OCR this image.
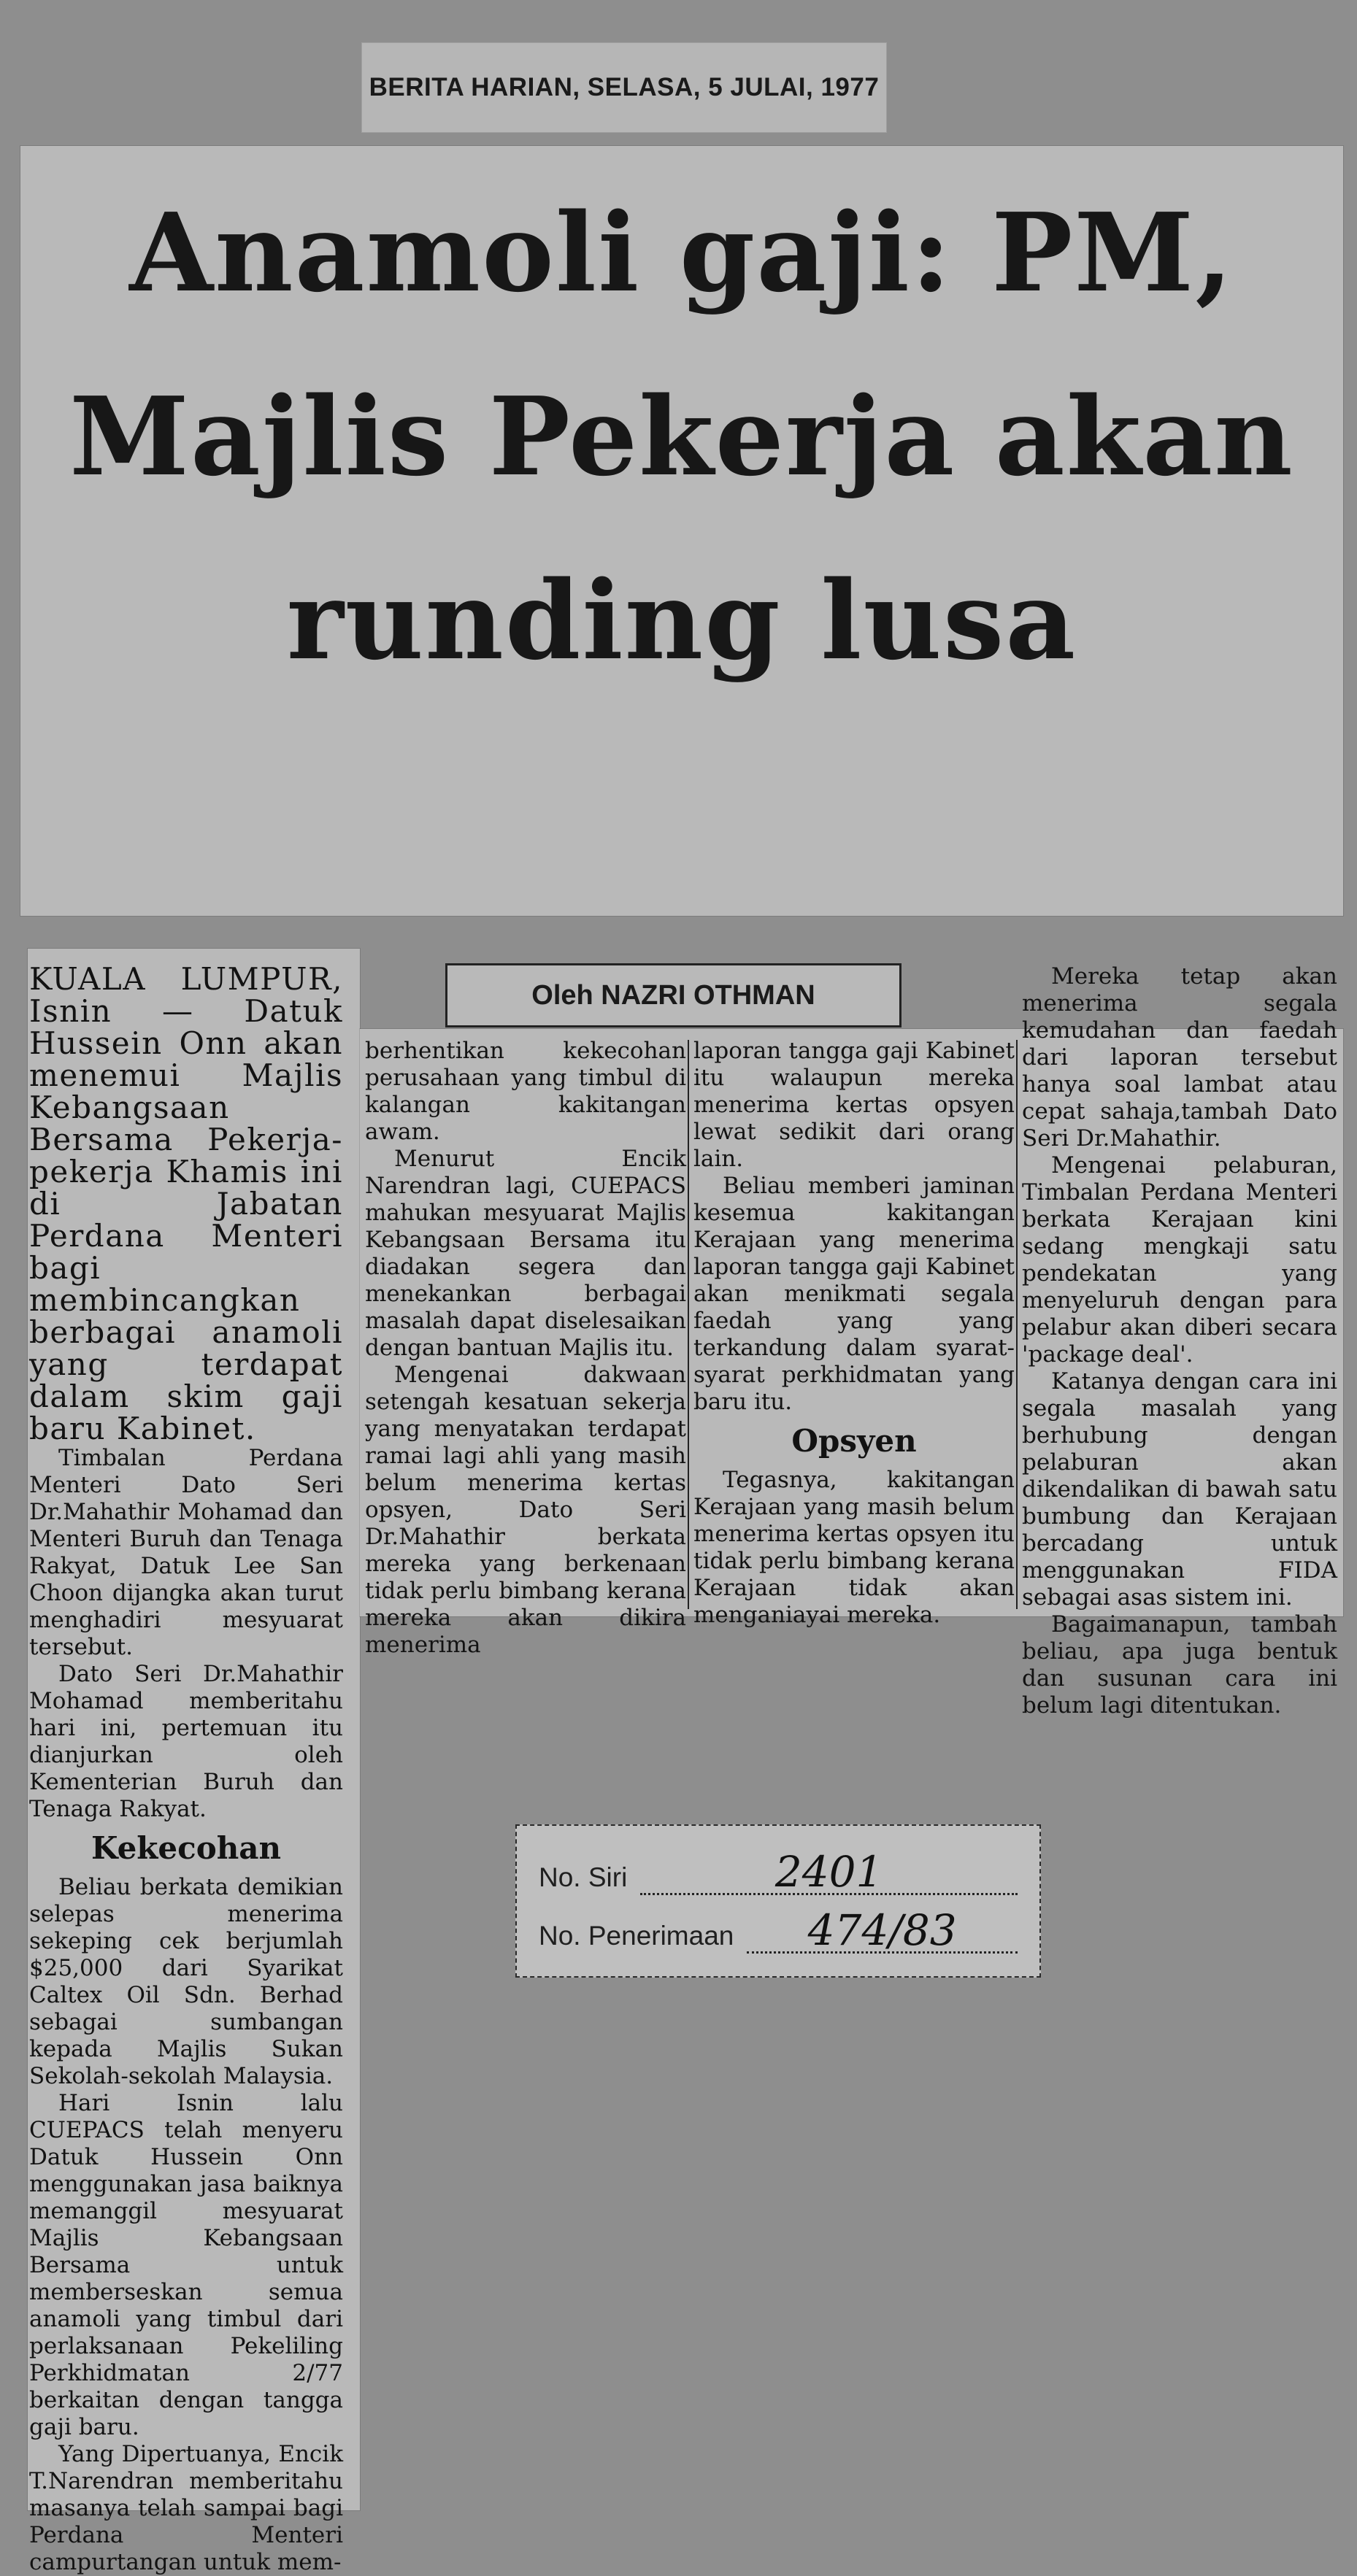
BERITA HARIAN, SELASA, 5 JULAI, 1977
Anamoli gaji: PM, Majlis Pekerja akan runding lusa
Oleh NAZRI OTHMAN

KUALA LUMPUR, Isnin — Datuk Hussein Onn akan menemui Majlis Kebangsaan Bersama Pekerja-pekerja Khamis ini di Jabatan Perdana Menteri bagi membincangkan berbagai anamoli yang terdapat dalam skim gaji baru Kabinet.

Timbalan Perdana Menteri Dato Seri Dr.Mahathir Mohamad dan Menteri Buruh dan Tenaga Rakyat, Datuk Lee San Choon dijangka akan turut menghadiri mesyuarat tersebut.

Dato Seri Dr.Mahathir Mohamad memberitahu hari ini, pertemuan itu dianjurkan oleh Kementerian Buruh dan Tenaga Rakyat.

Kekecohan

Beliau berkata demikian selepas menerima sekeping cek berjumlah $25,000 dari Syarikat Caltex Oil Sdn. Berhad sebagai sumbangan kepada Majlis Sukan Sekolah-sekolah Malaysia.

Hari Isnin lalu CUEPACS telah menyeru Datuk Hussein Onn menggunakan jasa baiknya memanggil mesyuarat Majlis Kebangsaan Bersama untuk memberseskan semua anamoli yang timbul dari perlaksanaan Pekeliling Perkhidmatan 2/77 berkaitan dengan tangga gaji baru.

Yang Dipertuanya, Encik T.Narendran memberitahu masanya telah sampai bagi Perdana Menteri campurtangan untuk mem-

berhentikan kekecohan perusahaan yang timbul di kalangan kakitangan awam.

Menurut Encik Narendran lagi, CUEPACS mahukan mesyuarat Majlis Kebangsaan Bersama itu diadakan segera dan menekankan berbagai masalah dapat diselesaikan dengan bantuan Majlis itu.

Mengenai dakwaan setengah kesatuan sekerja yang menyatakan terdapat ramai lagi ahli yang masih belum menerima kertas opsyen, Dato Seri Dr.Mahathir berkata mereka yang berkenaan tidak perlu bimbang kerana mereka akan dikira menerima

laporan tangga gaji Kabinet itu walaupun mereka menerima kertas opsyen lewat sedikit dari orang lain.

Beliau memberi jaminan kesemua kakitangan Kerajaan yang menerima laporan tangga gaji Kabinet akan menikmati segala faedah yang yang terkandung dalam syarat-syarat perkhidmatan yang baru itu.

Opsyen

Tegasnya, kakitangan Kerajaan yang masih belum menerima kertas opsyen itu tidak perlu bimbang kerana Kerajaan tidak akan menganiayai mereka.

Mereka tetap akan menerima segala kemudahan dan faedah dari laporan tersebut hanya soal lambat atau cepat sahaja,tambah Dato Seri Dr.Mahathir.

Mengenai pelaburan, Timbalan Perdana Menteri berkata Kerajaan kini sedang mengkaji satu pendekatan yang menyeluruh dengan para pelabur akan diberi secara 'package deal'.

Katanya dengan cara ini segala masalah yang berhubung dengan pelaburan akan dikendalikan di bawah satu bumbung dan Kerajaan bercadang untuk menggunakan FIDA sebagai asas sistem ini.

Bagaimanapun, tambah beliau, apa juga bentuk dan susunan cara ini belum lagi ditentukan.

No. Siri	2401
No. Penerimaan	474/83
